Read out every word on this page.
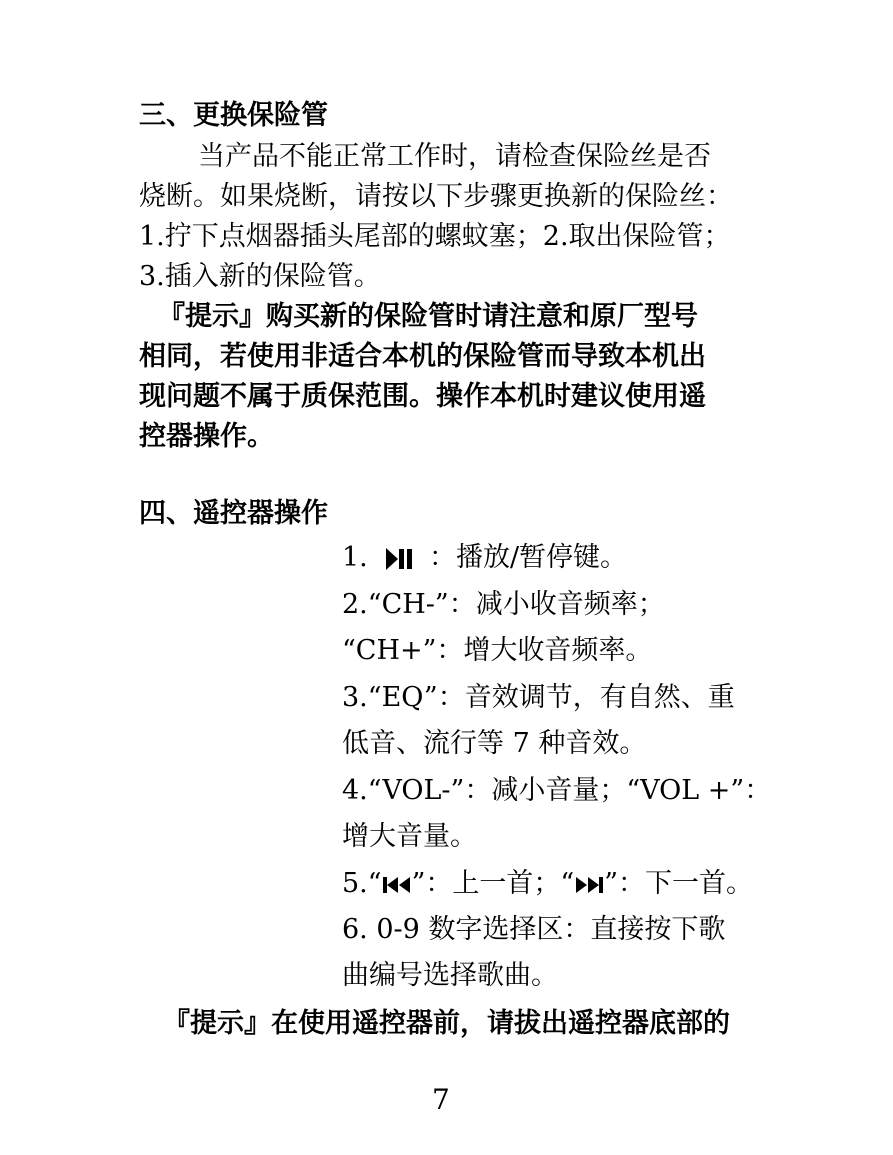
三、更换保险管
当产品不能正常工作时，请检查保险丝是否
烧断。如果烧断，请按以下步骤更换新的保险丝：
1.拧下点烟器插头尾部的螺蚊塞；2.取出保险管；
3.插入新的保险管。
『提示』购买新的保险管时请注意和原厂型号
相同，若使用非适合本机的保险管而导致本机出
现问题不属于质保范围。操作本机时建议使用遥
控器操作。
四、遥控器操作
1. ：播放/暂停键。
2.“CH-”：减小收音频率；
“CH+”：增大收音频率。
3.“EQ”：音效调节，有自然、重
低音、流行等 7 种音效。
4.“VOL-”：减小音量；“VOL +”：
增大音量。
5.“ ”：上一首；“ ”：下一首。
6. 0-9 数字选择区：直接按下歌
曲编号选择歌曲。
『提示』在使用遥控器前，请拔出遥控器底部的
7
